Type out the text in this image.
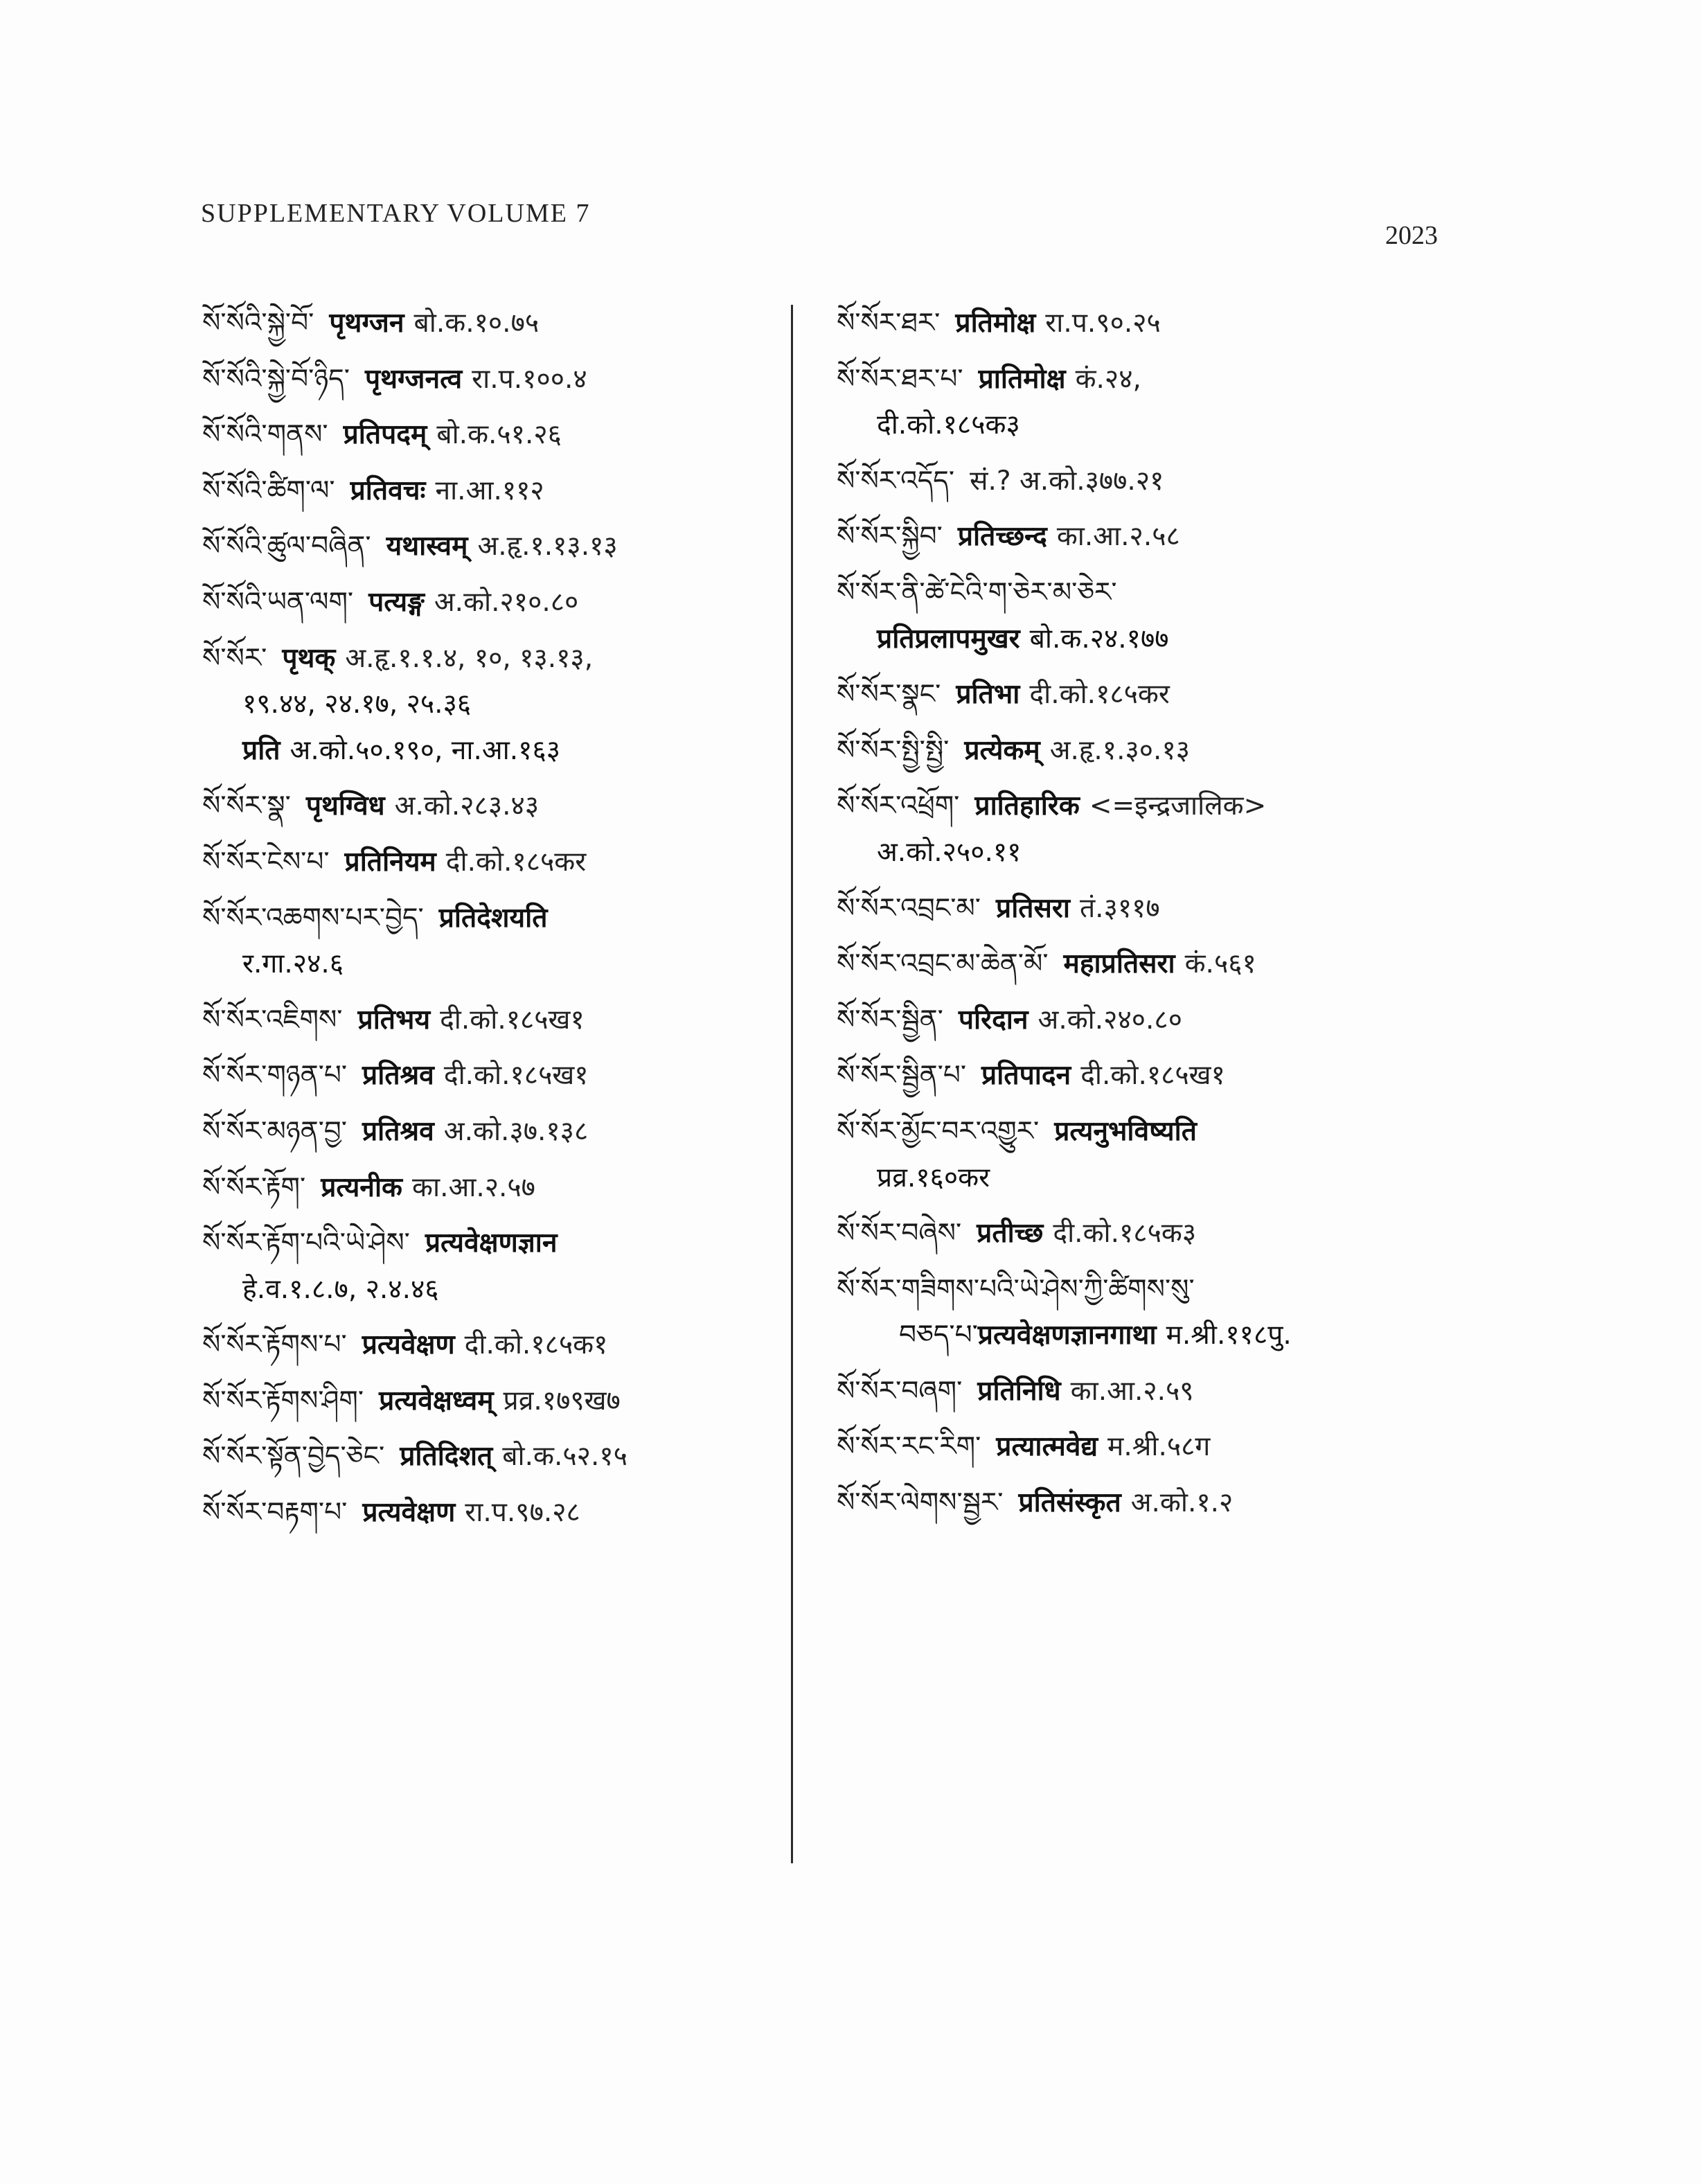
SUPPLEMENTARY VOLUME 7
2023
སོ་སོའི་སྐྱེ་བོ་ पृथग्जन बो.क.१०.७५
སོ་སོའི་སྐྱེ་བོ་ཉིད་ पृथग्जनत्व रा.प.१००.४
སོ་སོའི་གནས་ प्रतिपदम् बो.क.५१.२६
སོ་སོའི་ཚིག་ལ་ प्रतिवचः ना.आ.११२
སོ་སོའི་ཚུལ་བཞིན་ यथास्वम् अ.हृ.१.१३.१३
སོ་སོའི་ཡན་ལག་ पत्यङ्ग अ.को.२१०.८०
སོ་སོར་ पृथक् अ.हृ.१.१.४, १०, १३.१३,
१९.४४, २४.१७, २५.३६
प्रति अ.को.५०.१९०, ना.आ.१६३
སོ་སོར་སྣ་ पृथग्विध अ.को.२८३.४३
སོ་སོར་ངེས་པ་ प्रतिनियम दी.को.१८५कर
སོ་སོར་འཆགས་པར་བྱེད་ प्रतिदेशयति
र.गा.२४.६
སོ་སོར་འཇིགས་ प्रतिभय दी.को.१८५ख१
སོ་སོར་གཉན་པ་ प्रतिश्रव दी.को.१८५ख१
སོ་སོར་མཉན་བྱ་ प्रतिश्रव अ.को.३७.१३८
སོ་སོར་རྟོག་ प्रत्यनीक का.आ.२.५७
སོ་སོར་རྟོག་པའི་ཡེ་ཤེས་ प्रत्यवेक्षणज्ञान
हे.व.१.८.७, २.४.४६
སོ་སོར་རྟོགས་པ་ प्रत्यवेक्षण दी.को.१८५क१
སོ་སོར་རྟོགས་ཤིག་ प्रत्यवेक्षध्वम् प्रव्र.१७९ख७
སོ་སོར་སྟོན་བྱེད་ཅེང་ प्रतिदिशत् बो.क.५२.१५
སོ་སོར་བརྟག་པ་ प्रत्यवेक्षण रा.प.९७.२८
སོ་སོར་ཐར་ प्रतिमोक्ष रा.प.९०.२५
སོ་སོར་ཐར་པ་ प्रातिमोक्ष कं.२४,
दी.को.१८५क३
སོ་སོར་འདོད་ सं.? अ.को.३७७.२१
སོ་སོར་སྐྱིབ་ प्रतिच्छन्द का.आ.२.५८
སོ་སོར་ནི་ཚེ་ངེའི་ག་ཅེར་མ་ཅེར་
प्रतिप्रलापमुखर बो.क.२४.१७७
སོ་སོར་སྣང་ प्रतिभा दी.को.१८५कर
སོ་སོར་སྤྱི་སྤྱི་ प्रत्येकम् अ.हृ.१.३०.१३
སོ་སོར་འཕྲོག་ प्रातिहारिक <=इन्द्रजालिक>
अ.को.२५०.११
སོ་སོར་འབྲང་མ་ प्रतिसरा तं.३११७
སོ་སོར་འབྲང་མ་ཆེན་མོ་ महाप्रतिसरा कं.५६१
སོ་སོར་སྦྱིན་ परिदान अ.को.२४०.८०
སོ་སོར་སྦྱིན་པ་ प्रतिपादन दी.को.१८५ख१
སོ་སོར་མྱོང་བར་འགྱུར་ प्रत्यनुभविष्यति
प्रव्र.१६०कर
སོ་སོར་བཞེས་ प्रतीच्छ दी.को.१८५क३
སོ་སོར་གཟིགས་པའི་ཡེ་ཤེས་ཀྱི་ཚིགས་སུ་
བཅད་པ་प्रत्यवेक्षणज्ञानगाथा म.श्री.११८पु.
སོ་སོར་བཞག་ प्रतिनिधि का.आ.२.५९
སོ་སོར་རང་རིག་ प्रत्यात्मवेद्य म.श्री.५८ग
སོ་སོར་ལེགས་སྦྱར་ प्रतिसंस्कृत अ.को.१.२
